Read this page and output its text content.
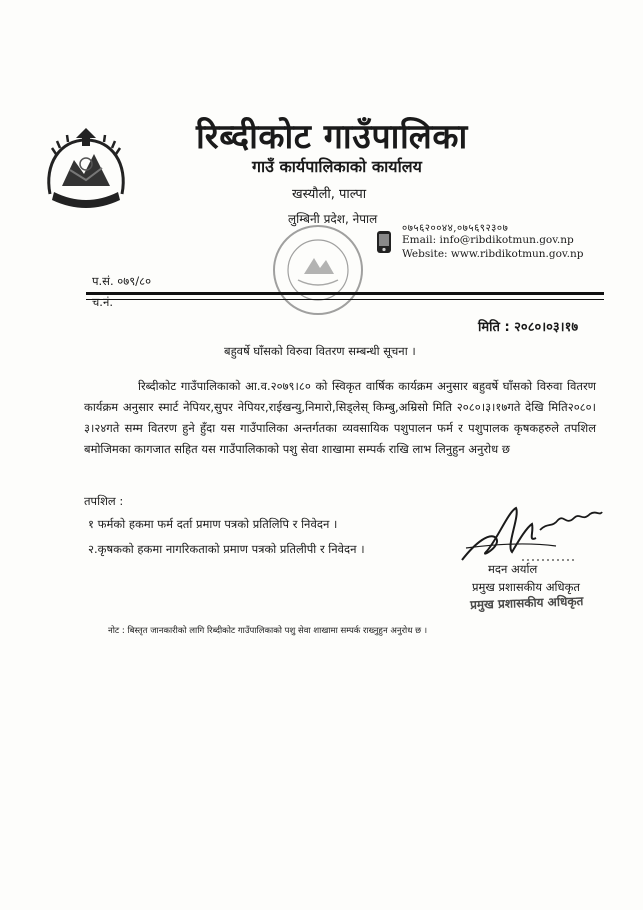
रिब्दीकोट गाउँपालिका
गाउँ कार्यपालिकाको कार्यालय
खस्यौली, पाल्पा
लुम्बिनी प्रदेश, नेपाल
०७५६२००४४,०७५६९२३०७
Email: info@ribdikotmun.gov.np
Website: www.ribdikotmun.gov.np
प.सं. ०७९/८०
च.नं.
मिति : २०८०।०३।१७
बहुवर्षे घाँसको विरुवा वितरण सम्बन्धी सूचना ।
रिब्दीकोट गाउँपालिकाको आ.व.२०७९।८० को स्विकृत वार्षिक कार्यक्रम अनुसार बहुवर्षे घाँसको विरुवा वितरण कार्यक्रम अनुसार स्मार्ट नेपियर,सुपर नेपियर,राईखन्यु,निमारो,सिड्लेस् किम्बु,अम्रिसो मिति २०८०।३।१७गते देखि मिति२०८०।३।२४गते सम्म वितरण हुने हुँदा यस गाउँपालिका अन्तर्गतका व्यवसायिक पशुपालन फर्म र पशुपालक कृषकहरुले तपशिल बमोजिमका कागजात सहित यस गाउँपालिकाको पशु सेवा शाखामा सम्पर्क राखि लाभ लिनुहुन अनुरोध छ
तपशिल :
१ फर्मको हकमा फर्म दर्ता प्रमाण पत्रको प्रतिलिपि र निवेदन ।
२.कृषकको हकमा नागरिकताको प्रमाण पत्रको प्रतिलीपी र निवेदन ।
मदन अर्याल
प्रमुख प्रशासकीय अधिकृत
प्रमुख प्रशासकीय अधिकृत
नोट : बिस्तृत जानकारीको लागि रिब्दीकोट गाउँपालिकाको पशु सेवा शाखामा सम्पर्क राख्नुहुन अनुरोध छ ।
